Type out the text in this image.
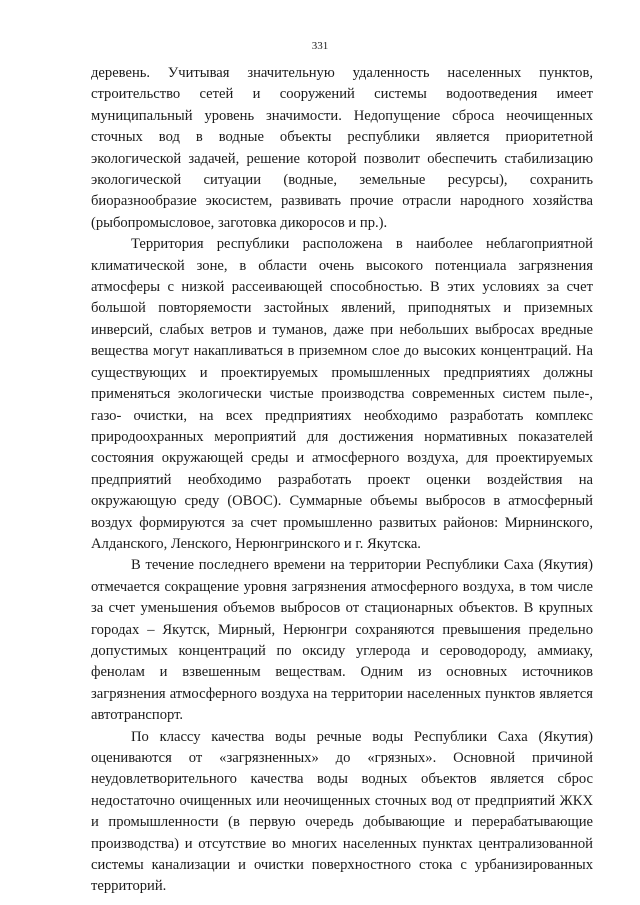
331

деревень. Учитывая значительную удаленность населенных пунктов, строительство сетей и сооружений системы водоотведения имеет муниципальный уровень значимости. Недопущение сброса неочищенных сточных вод в водные объекты республики является приоритетной экологической задачей, решение которой позволит обеспечить стабилизацию экологической ситуации (водные, земельные ресурсы), сохранить биоразнообразие экосистем, развивать прочие отрасли народного хозяйства (рыбопромысловое, заготовка дикоросов и пр.).

Территория республики расположена в наиболее неблагоприятной климатической зоне, в области очень высокого потенциала загрязнения атмосферы с низкой рассеивающей способностью. В этих условиях за счет большой повторяемости застойных явлений, приподнятых и приземных инверсий, слабых ветров и туманов, даже при небольших выбросах вредные вещества могут накапливаться в приземном слое до высоких концентраций. На существующих и проектируемых промышленных предприятиях должны применяться экологически чистые производства современных систем пыле-, газо- очистки, на всех предприятиях необходимо разработать комплекс природоохранных мероприятий для достижения нормативных показателей состояния окружающей среды и атмосферного воздуха, для проектируемых предприятий необходимо разработать проект оценки воздействия на окружающую среду (ОВОС). Суммарные объемы выбросов в атмосферный воздух формируются за счет промышленно развитых районов: Мирнинского, Алданского, Ленского, Нерюнгринского и г. Якутска.

В течение последнего времени на территории Республики Саха (Якутия) отмечается сокращение уровня загрязнения атмосферного воздуха, в том числе за счет уменьшения объемов выбросов от стационарных объектов. В крупных городах – Якутск, Мирный, Нерюнгри сохраняются превышения предельно допустимых концентраций по оксиду углерода и сероводороду, аммиаку, фенолам и взвешенным веществам. Одним из основных источников загрязнения атмосферного воздуха на территории населенных пунктов является автотранспорт.

По классу качества воды речные воды Республики Саха (Якутия) оцениваются от «загрязненных» до «грязных». Основной причиной неудовлетворительного качества воды водных объектов является сброс недостаточно очищенных или неочищенных сточных вод от предприятий ЖКХ и промышленности (в первую очередь добывающие и перерабатывающие производства) и отсутствие во многих населенных пунктах централизованной системы канализации и очистки поверхностного стока с урбанизированных территорий.
